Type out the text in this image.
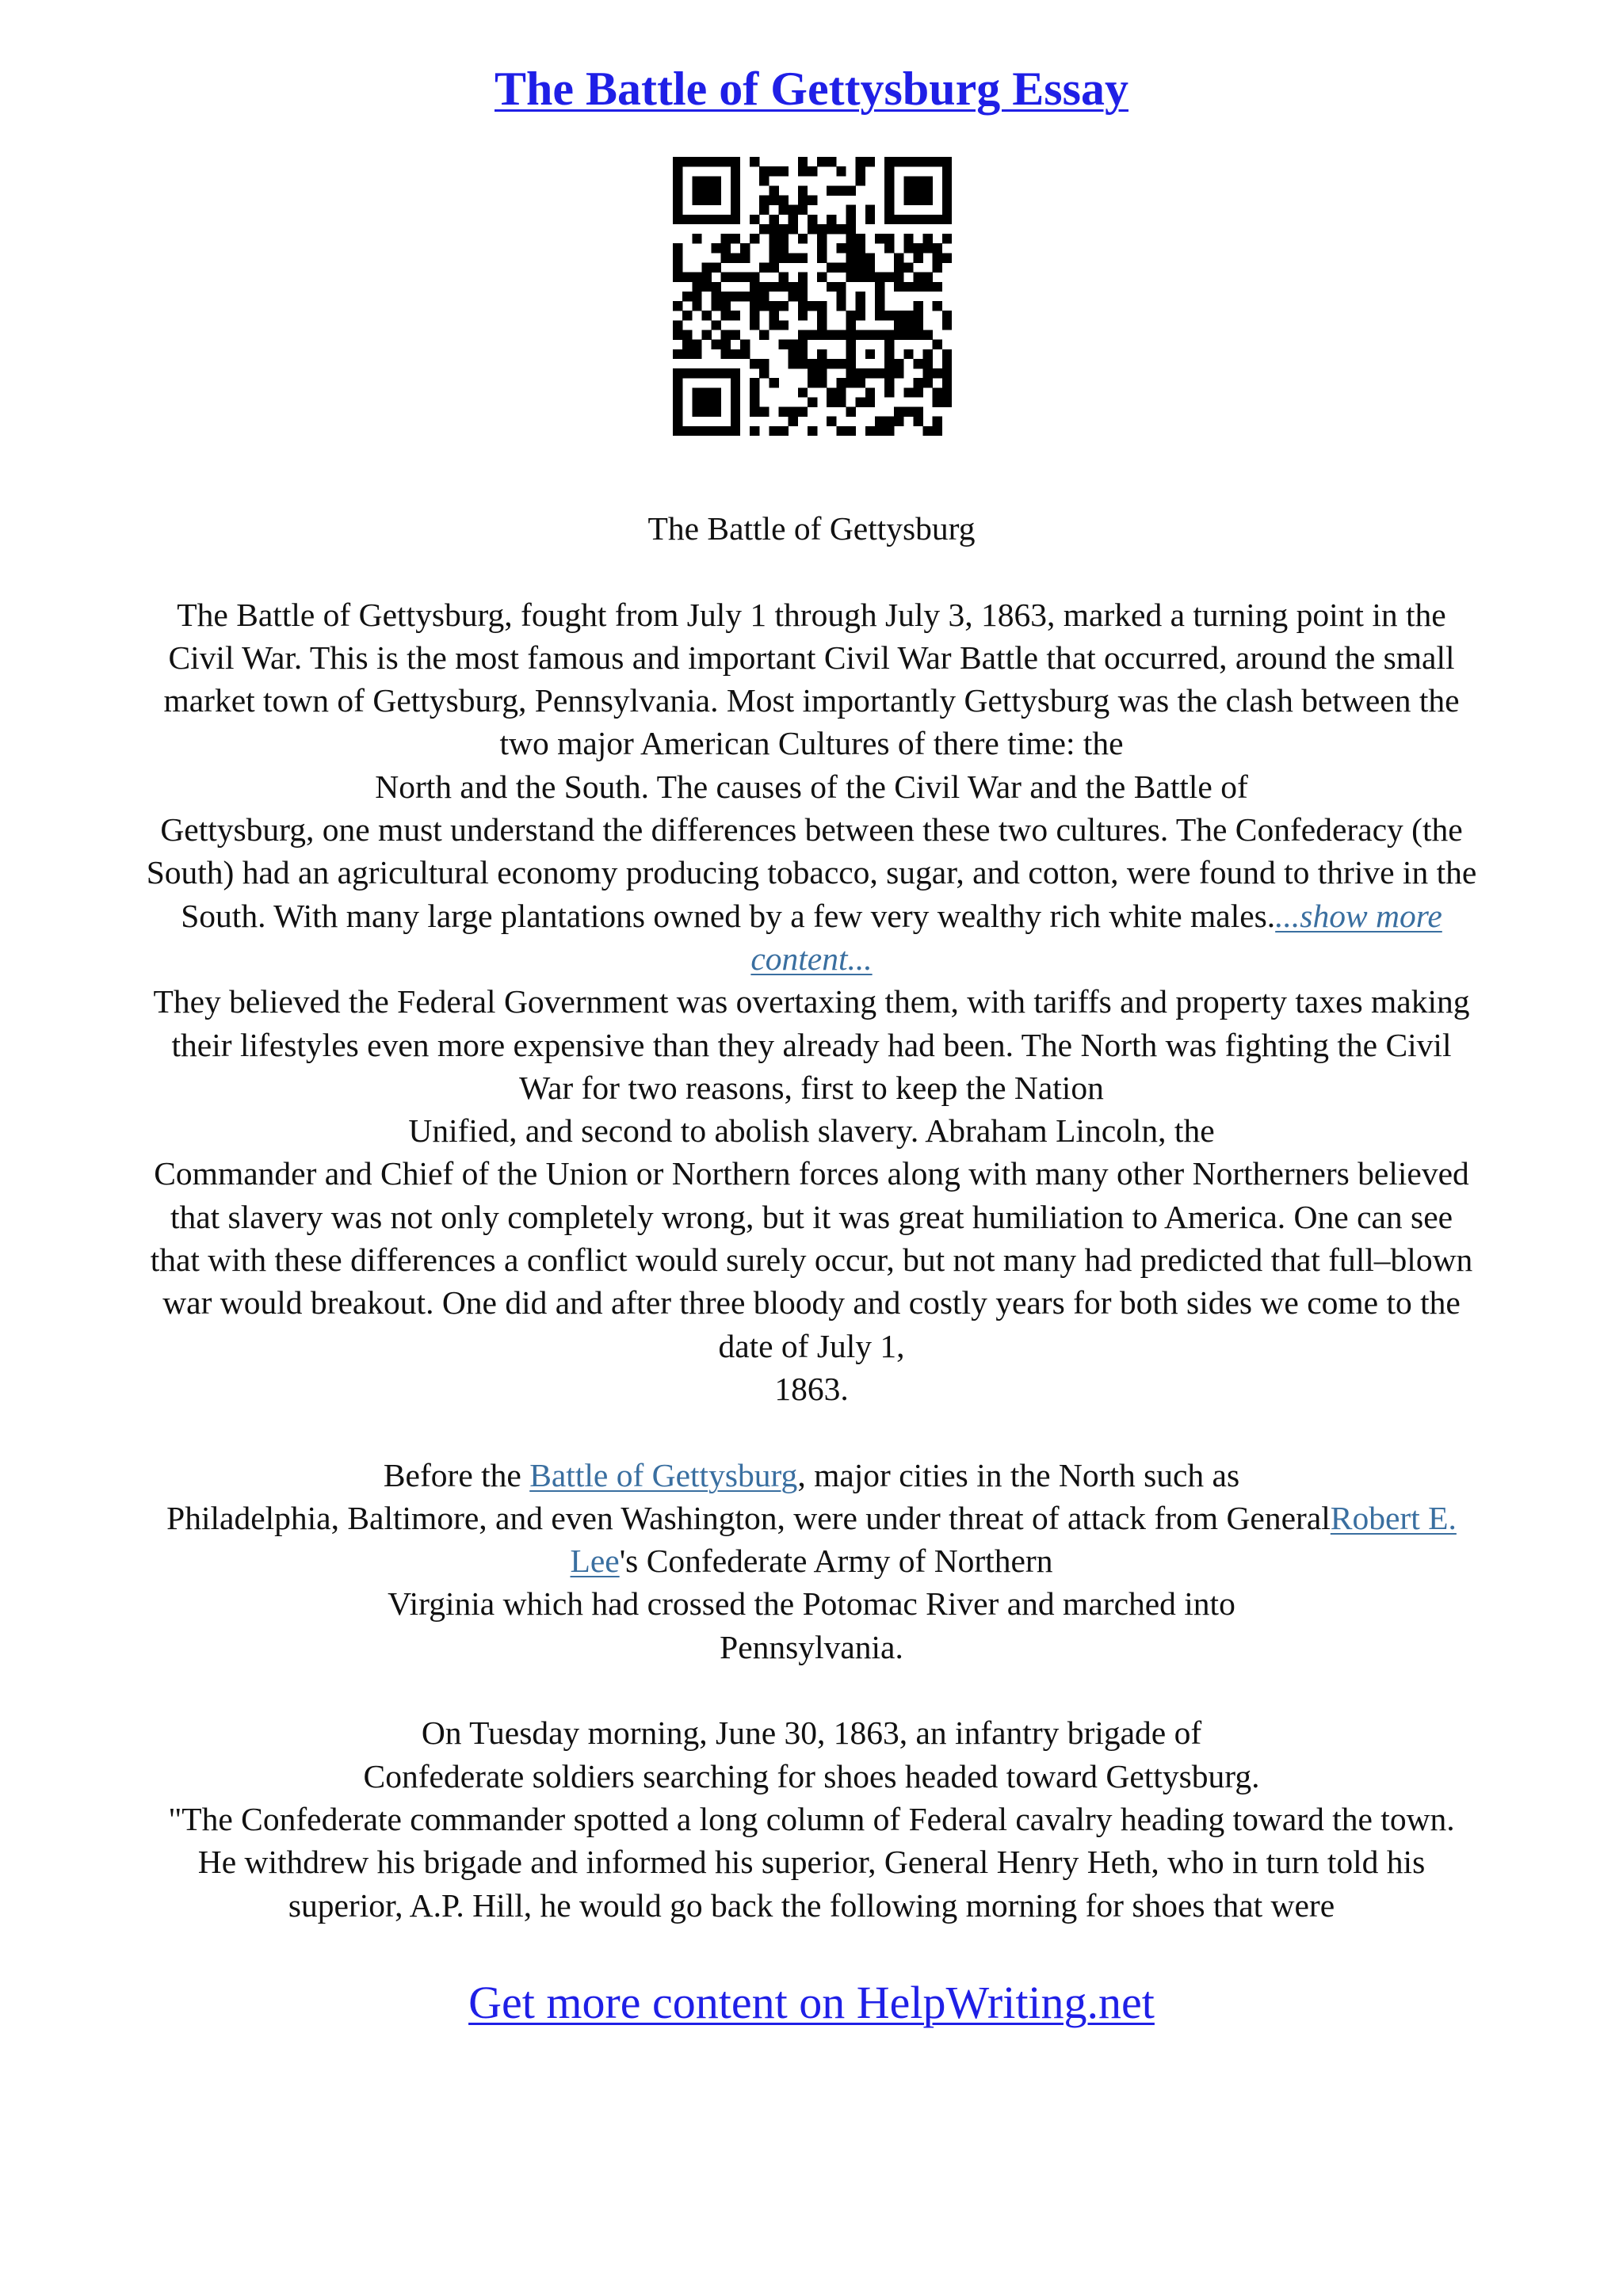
The Battle of Gettysburg Essay
The Battle of Gettysburg
The Battle of Gettysburg, fought from July 1 through July 3, 1863, marked a turning point in the
Civil War. This is the most famous and important Civil War Battle that occurred, around the small
market town of Gettysburg, Pennsylvania. Most importantly Gettysburg was the clash between the
two major American Cultures of there time: the
North and the South. The causes of the Civil War and the Battle of
Gettysburg, one must understand the differences between these two cultures. The Confederacy (the
South) had an agricultural economy producing tobacco, sugar, and cotton, were found to thrive in the
South. With many large plantations owned by a few very wealthy rich white males....show more
content...
They believed the Federal Government was overtaxing them, with tariffs and property taxes making
their lifestyles even more expensive than they already had been. The North was fighting the Civil
War for two reasons, first to keep the Nation
Unified, and second to abolish slavery. Abraham Lincoln, the
Commander and Chief of the Union or Northern forces along with many other Northerners believed
that slavery was not only completely wrong, but it was great humiliation to America. One can see
that with these differences a conflict would surely occur, but not many had predicted that full–blown
war would breakout. One did and after three bloody and costly years for both sides we come to the
date of July 1,
1863.
Before the Battle of Gettysburg, major cities in the North such as
Philadelphia, Baltimore, and even Washington, were under threat of attack from GeneralRobert E.
Lee's Confederate Army of Northern
Virginia which had crossed the Potomac River and marched into
Pennsylvania.
On Tuesday morning, June 30, 1863, an infantry brigade of
Confederate soldiers searching for shoes headed toward Gettysburg.
"The Confederate commander spotted a long column of Federal cavalry heading toward the town.
He withdrew his brigade and informed his superior, General Henry Heth, who in turn told his
superior, A.P. Hill, he would go back the following morning for shoes that were
Get more content on HelpWriting.net
